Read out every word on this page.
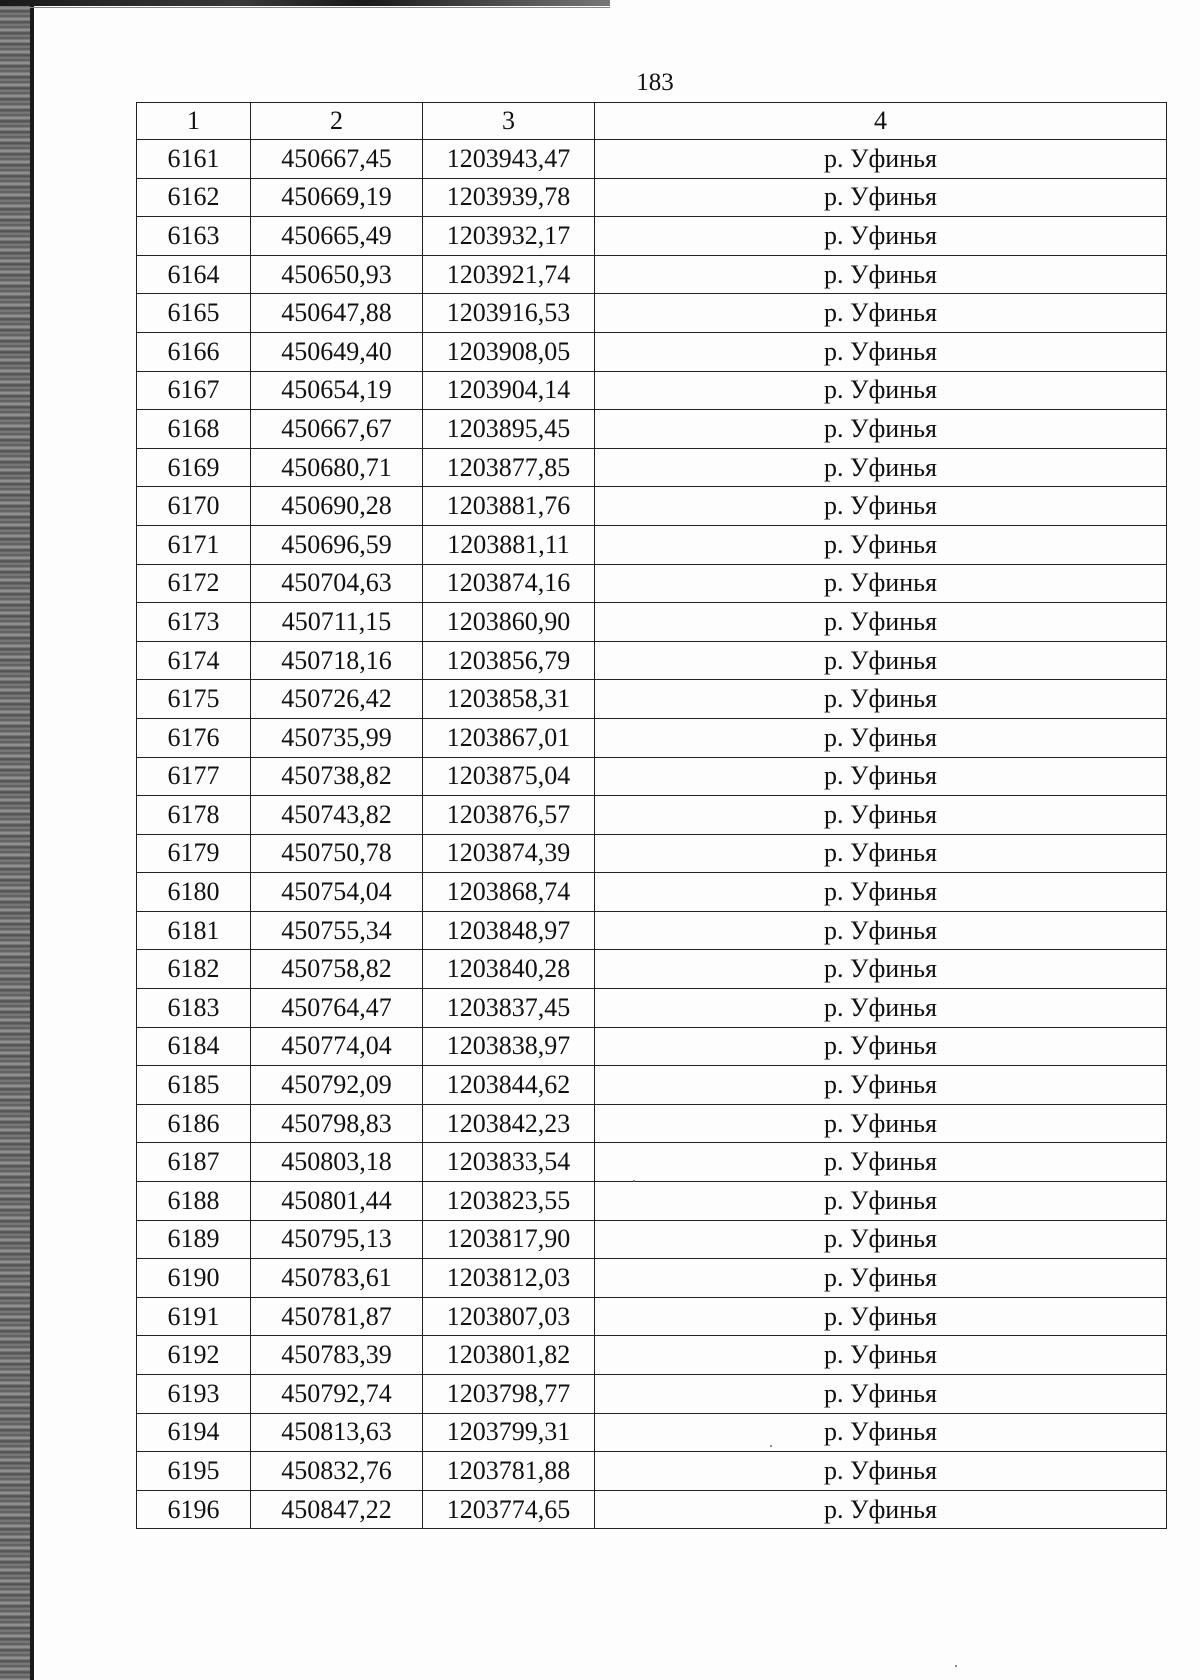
183
1	2	3	4
6161	450667,45	1203943,47	р. Уфинья
6162	450669,19	1203939,78	р. Уфинья
6163	450665,49	1203932,17	р. Уфинья
6164	450650,93	1203921,74	р. Уфинья
6165	450647,88	1203916,53	р. Уфинья
6166	450649,40	1203908,05	р. Уфинья
6167	450654,19	1203904,14	р. Уфинья
6168	450667,67	1203895,45	р. Уфинья
6169	450680,71	1203877,85	р. Уфинья
6170	450690,28	1203881,76	р. Уфинья
6171	450696,59	1203881,11	р. Уфинья
6172	450704,63	1203874,16	р. Уфинья
6173	450711,15	1203860,90	р. Уфинья
6174	450718,16	1203856,79	р. Уфинья
6175	450726,42	1203858,31	р. Уфинья
6176	450735,99	1203867,01	р. Уфинья
6177	450738,82	1203875,04	р. Уфинья
6178	450743,82	1203876,57	р. Уфинья
6179	450750,78	1203874,39	р. Уфинья
6180	450754,04	1203868,74	р. Уфинья
6181	450755,34	1203848,97	р. Уфинья
6182	450758,82	1203840,28	р. Уфинья
6183	450764,47	1203837,45	р. Уфинья
6184	450774,04	1203838,97	р. Уфинья
6185	450792,09	1203844,62	р. Уфинья
6186	450798,83	1203842,23	р. Уфинья
6187	450803,18	1203833,54	р. Уфинья
6188	450801,44	1203823,55	р. Уфинья
6189	450795,13	1203817,90	р. Уфинья
6190	450783,61	1203812,03	р. Уфинья
6191	450781,87	1203807,03	р. Уфинья
6192	450783,39	1203801,82	р. Уфинья
6193	450792,74	1203798,77	р. Уфинья
6194	450813,63	1203799,31	р. Уфинья
6195	450832,76	1203781,88	р. Уфинья
6196	450847,22	1203774,65	р. Уфинья
